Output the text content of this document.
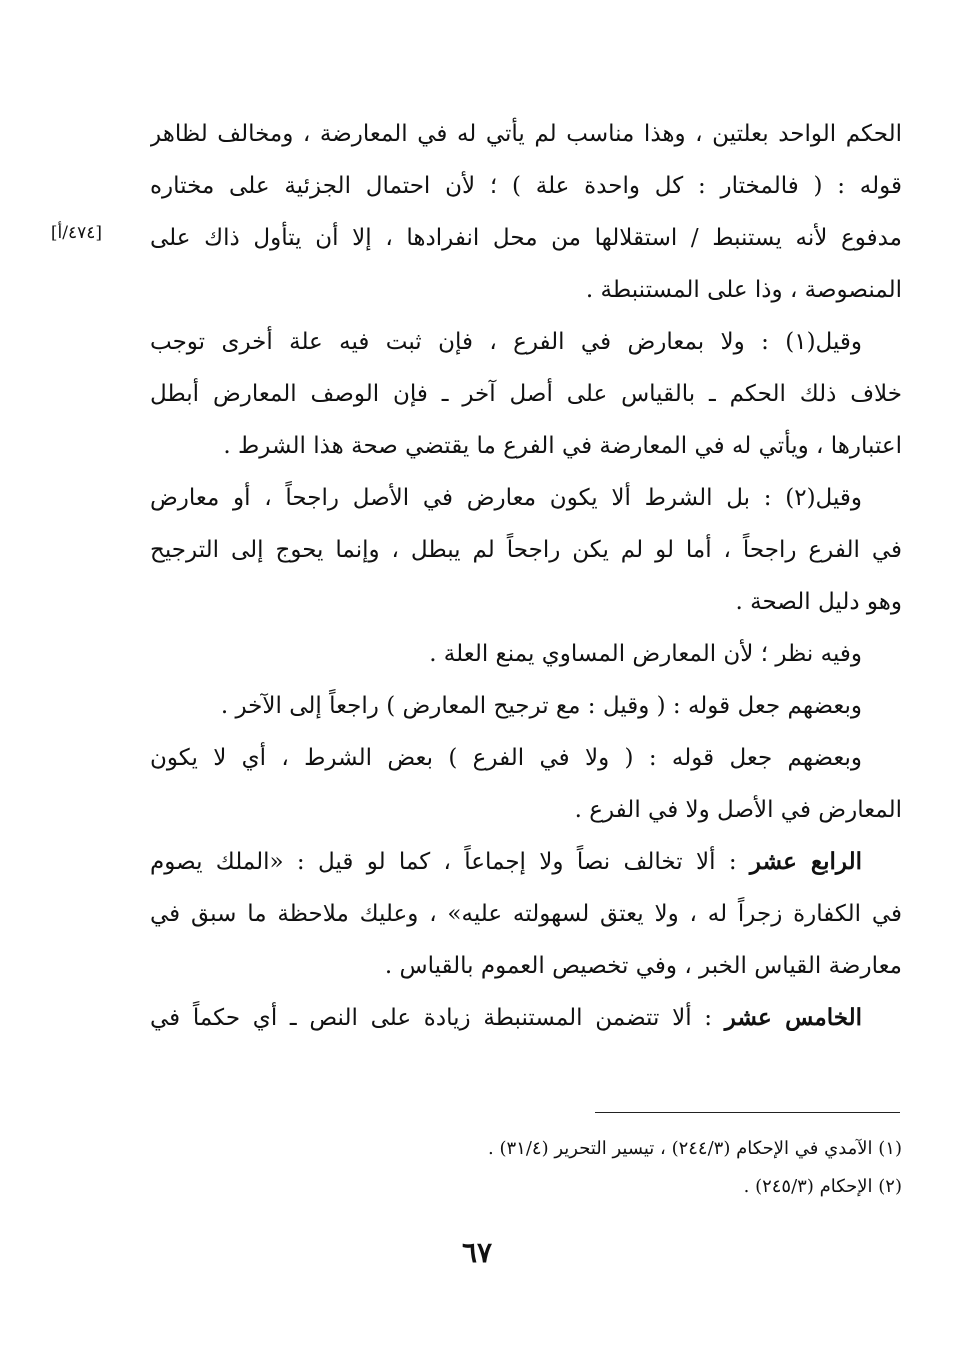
[٤٧٤/أ]
الحكم الواحد بعلتين ، وهذا مناسب لم يأتي له في المعارضة ، ومخالف لظاهر
قوله : ( فالمختار : كل واحدة علة ) ؛ لأن احتمال الجزئية على مختاره
مدفوع لأنه يستنبط / استقلالها من محل انفرادها ، إلا أن يتأول ذاك على
المنصوصة ، وذا على المستنبطة .
وقيل(١) : ولا بمعارض في الفرع ، فإن ثبت فيه علة أخرى توجب
خلاف ذلك الحكم ـ بالقياس على أصل آخر ـ فإن الوصف المعارض أبطل
اعتبارها ، ويأتي له في المعارضة في الفرع ما يقتضي صحة هذا الشرط .
وقيل(٢) : بل الشرط ألا يكون معارض في الأصل راجحاً ، أو معارض
في الفرع راجحاً ، أما لو لم يكن راجحاً لم يبطل ، وإنما يحوج إلى الترجيح
وهو دليل الصحة .
وفيه نظر ؛ لأن المعارض المساوي يمنع العلة .
وبعضهم جعل قوله : ( وقيل : مع ترجيح المعارض ) راجعاً إلى الآخر .
وبعضهم جعل قوله : ( ولا في الفرع ) بعض الشرط ، أي لا يكون
المعارض في الأصل ولا في الفرع .
الرابع عشر : ألا تخالف نصاً ولا إجماعاً ، كما لو قيل : «الملك يصوم
في الكفارة زجراً له ، ولا يعتق لسهولته عليه» ، وعليك ملاحظة ما سبق في
معارضة القياس الخبر ، وفي تخصيص العموم بالقياس .
الخامس عشر : ألا تتضمن المستنبطة زيادة على النص ـ أي حكماً في
(١) الآمدي في الإحكام (٢٤٤/٣) ، تيسير التحرير (٣١/٤) .
(٢) الإحكام (٢٤٥/٣) .
٦٧
